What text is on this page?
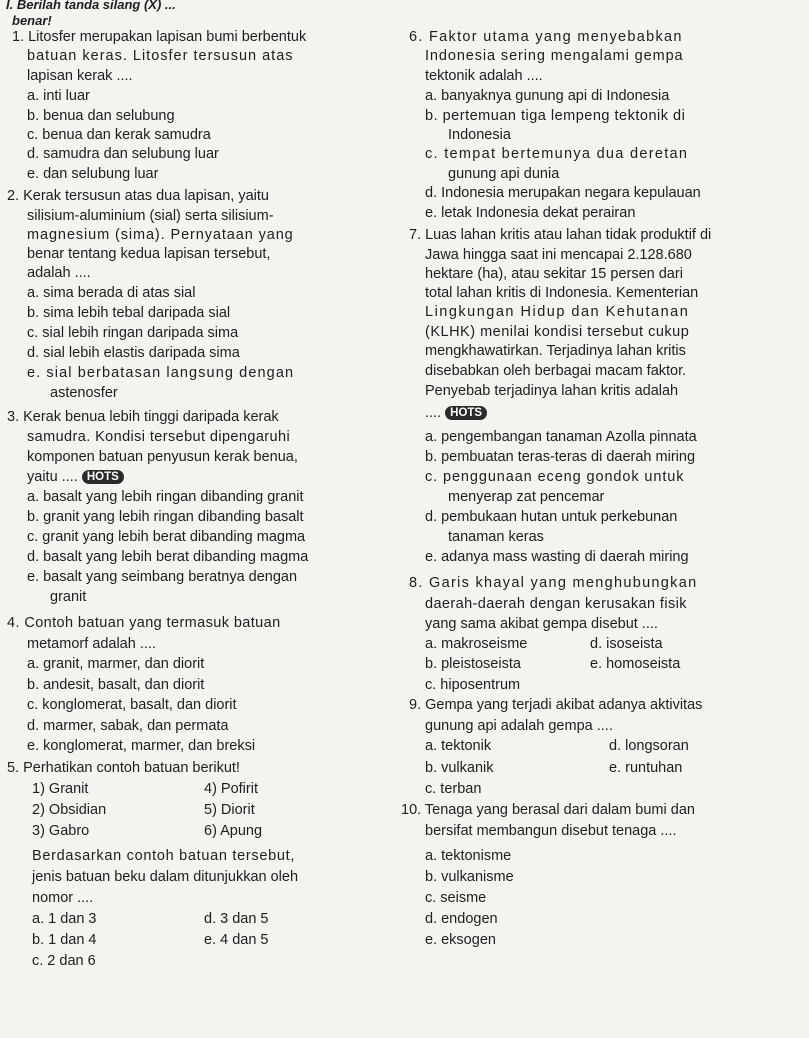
I. Berilah tanda silang (X) ...
benar!
1. Litosfer merupakan lapisan bumi berbentuk
batuan keras. Litosfer tersusun atas
lapisan kerak ....
a. inti luar
b. benua dan selubung
c. benua dan kerak samudra
d. samudra dan selubung luar
e. dan selubung luar
2. Kerak tersusun atas dua lapisan, yaitu
silisium-aluminium (sial) serta silisium-
magnesium (sima). Pernyataan yang
benar tentang kedua lapisan tersebut,
adalah ....
a. sima berada di atas sial
b. sima lebih tebal daripada sial
c. sial lebih ringan daripada sima
d. sial lebih elastis daripada sima
e. sial berbatasan langsung dengan
astenosfer
3. Kerak benua lebih tinggi daripada kerak
samudra. Kondisi tersebut dipengaruhi
komponen batuan penyusun kerak benua,
yaitu .... HOTS
a. basalt yang lebih ringan dibanding granit
b. granit yang lebih ringan dibanding basalt
c. granit yang lebih berat dibanding magma
d. basalt yang lebih berat dibanding magma
e. basalt yang seimbang beratnya dengan
granit
4. Contoh batuan yang termasuk batuan
metamorf adalah ....
a. granit, marmer, dan diorit
b. andesit, basalt, dan diorit
c. konglomerat, basalt, dan diorit
d. marmer, sabak, dan permata
e. konglomerat, marmer, dan breksi
5. Perhatikan contoh batuan berikut!
1) Granit	4) Pofirit
2) Obsidian	5) Diorit
3) Gabro	6) Apung
Berdasarkan contoh batuan tersebut,
jenis batuan beku dalam ditunjukkan oleh
nomor ....
a. 1 dan 3	d. 3 dan 5
b. 1 dan 4	e. 4 dan 5
c. 2 dan 6
6. Faktor utama yang menyebabkan
Indonesia sering mengalami gempa
tektonik adalah ....
a. banyaknya gunung api di Indonesia
b. pertemuan tiga lempeng tektonik di
Indonesia
c. tempat bertemunya dua deretan
gunung api dunia
d. Indonesia merupakan negara kepulauan
e. letak Indonesia dekat perairan
7. Luas lahan kritis atau lahan tidak produktif di
Jawa hingga saat ini mencapai 2.128.680
hektare (ha), atau sekitar 15 persen dari
total lahan kritis di Indonesia. Kementerian
Lingkungan Hidup dan Kehutanan
(KLHK) menilai kondisi tersebut cukup
mengkhawatirkan. Terjadinya lahan kritis
disebabkan oleh berbagai macam faktor.
Penyebab terjadinya lahan kritis adalah
.... HOTS
a. pengembangan tanaman Azolla pinnata
b. pembuatan teras-teras di daerah miring
c. penggunaan eceng gondok untuk
menyerap zat pencemar
d. pembukaan hutan untuk perkebunan
tanaman keras
e. adanya mass wasting di daerah miring
8. Garis khayal yang menghubungkan
daerah-daerah dengan kerusakan fisik
yang sama akibat gempa disebut ....
a. makroseisme	d. isoseista
b. pleistoseista	e. homoseista
c. hiposentrum
9. Gempa yang terjadi akibat adanya aktivitas
gunung api adalah gempa ....
a. tektonik	d. longsoran
b. vulkanik	e. runtuhan
c. terban
10. Tenaga yang berasal dari dalam bumi dan
bersifat membangun disebut tenaga ....
a. tektonisme
b. vulkanisme
c. seisme
d. endogen
e. eksogen
